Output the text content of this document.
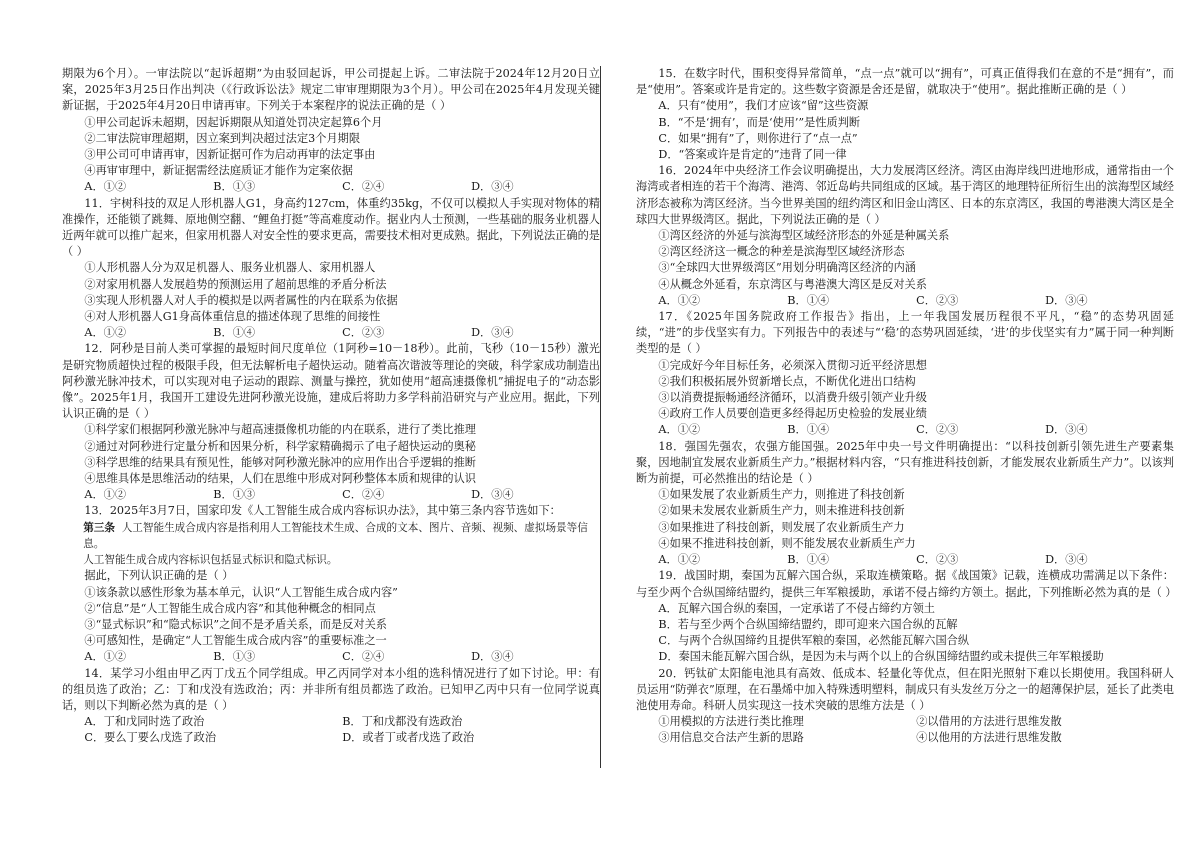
期限为6个月）。一审法院以“起诉超期”为由驳回起诉，甲公司提起上诉。二审法院于2024年12月20日立案，2025年3月25日作出判决（《行政诉讼法》规定二审审理期限为3个月）。甲公司在2025年4月发现关键新证据，于2025年4月20日申请再审。下列关于本案程序的说法正确的是（ ）

①甲公司起诉未超期，因起诉期限从知道处罚决定起算6个月

②二审法院审理超期，因立案到判决超过法定3个月期限

③甲公司可申请再审，因新证据可作为启动再审的法定事由

④再审审理中，新证据需经法庭质证才能作为定案依据

A．①②	B．①③	C．②④	D．③④

11．宇树科技的双足人形机器人G1，身高约127cm，体重约35kg，不仅可以模拟人手实现对物体的精准操作，还能锁了跳舞、原地侧空翻、“鲤鱼打挺”等高难度动作。据业内人士预测，一些基础的服务业机器人近两年就可以推广起来，但家用机器人对安全性的要求更高，需要技术相对更成熟。据此，下列说法正确的是（ ）

①人形机器人分为双足机器人、服务业机器人、家用机器人

②对家用机器人发展趋势的预测运用了超前思维的矛盾分析法

③实现人形机器人对人手的模拟是以两者属性的内在联系为依据

④对人形机器人G1身高体重信息的描述体现了思维的间接性

A．①②	B．①④	C．②③	D．③④

12．阿秒是目前人类可掌握的最短时间尺度单位（1阿秒=10－18秒）。此前，飞秒（10－15秒）激光是研究物质超快过程的极限手段，但无法解析电子超快运动。随着高次谐波等理论的突破，科学家成功制造出阿秒激光脉冲技术，可以实现对电子运动的跟踪、测量与操控，犹如使用“超高速摄像机”捕捉电子的“动态影像”。2025年1月，我国开工建设先进阿秒激光设施，建成后将助力多学科前沿研究与产业应用。据此，下列认识正确的是（ ）

①科学家们根据阿秒激光脉冲与超高速摄像机功能的内在联系，进行了类比推理

②通过对阿秒进行定量分析和因果分析，科学家精确揭示了电子超快运动的奥秘

③科学思维的结果具有预见性，能够对阿秒激光脉冲的应用作出合乎逻辑的推断

④思维具体是思维活动的结果，人们在思维中形成对阿秒整体本质和规律的认识

A．①②	B．①③	C．②④	D．③④

13．2025年3月7日，国家印发《人工智能生成合成内容标识办法》，其中第三条内容节选如下：

第三条 人工智能生成合成内容是指利用人工智能技术生成、合成的文本、图片、音频、视频、虚拟场景等信息。

人工智能生成合成内容标识包括显式标识和隐式标识。

据此，下列认识正确的是（ ）

①该条款以感性形象为基本单元，认识“人工智能生成合成内容”

②“信息”是“人工智能生成合成内容”和其他种概念的相同点

③“显式标识”和“隐式标识”之间不是矛盾关系，而是反对关系

④可感知性，是确定“人工智能生成合成内容”的重要标准之一

A．①②	B．①③	C．②④	D．③④

14．某学习小组由甲乙丙丁戊五个同学组成。甲乙丙同学对本小组的选科情况进行了如下讨论。甲：有的组员选了政治；乙：丁和戊没有选政治；丙：并非所有组员都选了政治。已知甲乙丙中只有一位同学说真话，则以下判断必然为真的是（ ）

A．丁和戊同时选了政治	B．丁和戊都没有选政治
C．要么丁要么戊选了政治	D．或者丁或者戊选了政治

15．在数字时代，围积变得异常简单，“点一点”就可以“拥有”，可真正值得我们在意的不是“拥有”，而是“使用”。答案或许是肯定的。这些数字资源是舍还是留，就取决于“使用”。据此推断正确的是（ ）

A．只有“使用”，我们才应该“留”这些资源

B．“不是‘拥有’，而是‘使用’”是性质判断

C．如果“拥有”了，则你进行了“点一点”

D．“答案或许是肯定的”违背了同一律

16．2024年中央经济工作会议明确提出，大力发展湾区经济。湾区由海岸线凹进地形成，通常指由一个海湾或者相连的若干个海湾、港湾、邻近岛屿共同组成的区域。基于湾区的地理特征所衍生出的滨海型区域经济形态被称为湾区经济。当今世界美国的纽约湾区和旧金山湾区、日本的东京湾区，我国的粤港澳大湾区是全球四大世界级湾区。据此，下列说法正确的是（ ）

①湾区经济的外延与滨海型区域经济形态的外延是种属关系

②湾区经济这一概念的种差是滨海型区域经济形态

③“全球四大世界级湾区”用划分明确湾区经济的内涵

④从概念外延看，东京湾区与粤港澳大湾区是反对关系

A．①②	B．①④	C．②③	D．③④

17．《2025年国务院政府工作报告》指出，上一年我国发展历程很不平凡，“稳”的态势巩固延续，“进”的步伐坚实有力。下列报告中的表述与“‘稳’的态势巩固延续，‘进’的步伐坚实有力”属于同一种判断类型的是（ ）

①完成好今年目标任务，必须深入贯彻习近平经济思想

②我们积极拓展外贸新增长点，不断优化进出口结构

③以消费提振畅通经济循环，以消费升级引领产业升级

④政府工作人员要创造更多经得起历史检验的发展业绩

A．①②	B．①④	C．②③	D．③④

18．强国先强农，农强方能国强。2025年中央一号文件明确提出：“以科技创新引领先进生产要素集聚，因地制宜发展农业新质生产力。”根据材料内容，“只有推进科技创新，才能发展农业新质生产力”。以该判断为前提，可必然推出的结论是（ ）

①如果发展了农业新质生产力，则推进了科技创新

②如果未发展农业新质生产力，则未推进科技创新

③如果推进了科技创新，则发展了农业新质生产力

④如果不推进科技创新，则不能发展农业新质生产力

A．①②	B．①④	C．②③	D．③④

19．战国时期，秦国为瓦解六国合纵，采取连横策略。据《战国策》记载，连横成功需满足以下条件：与至少两个合纵国缔结盟约，提供三年军粮援助，承诺不侵占缔约方领土。据此，下列推断必然为真的是（ ）

A．瓦解六国合纵的秦国，一定承诺了不侵占缔约方领土

B．若与至少两个合纵国缔结盟约，即可迎来六国合纵的瓦解

C．与两个合纵国缔约且提供军粮的秦国，必然能瓦解六国合纵

D．秦国未能瓦解六国合纵，是因为未与两个以上的合纵国缔结盟约或未提供三年军粮援助

20．钙钛矿太阳能电池具有高效、低成本、轻量化等优点，但在阳光照射下难以长期使用。我国科研人员运用“防弹衣”原理，在石墨烯中加入特殊透明塑料，制成只有头发丝万分之一的超薄保护层，延长了此类电池使用寿命。科研人员实现这一技术突破的思维方法是（ ）

①用模拟的方法进行类比推理	②以借用的方法进行思维发散
③用信息交合法产生新的思路	④以他用的方法进行思维发散
